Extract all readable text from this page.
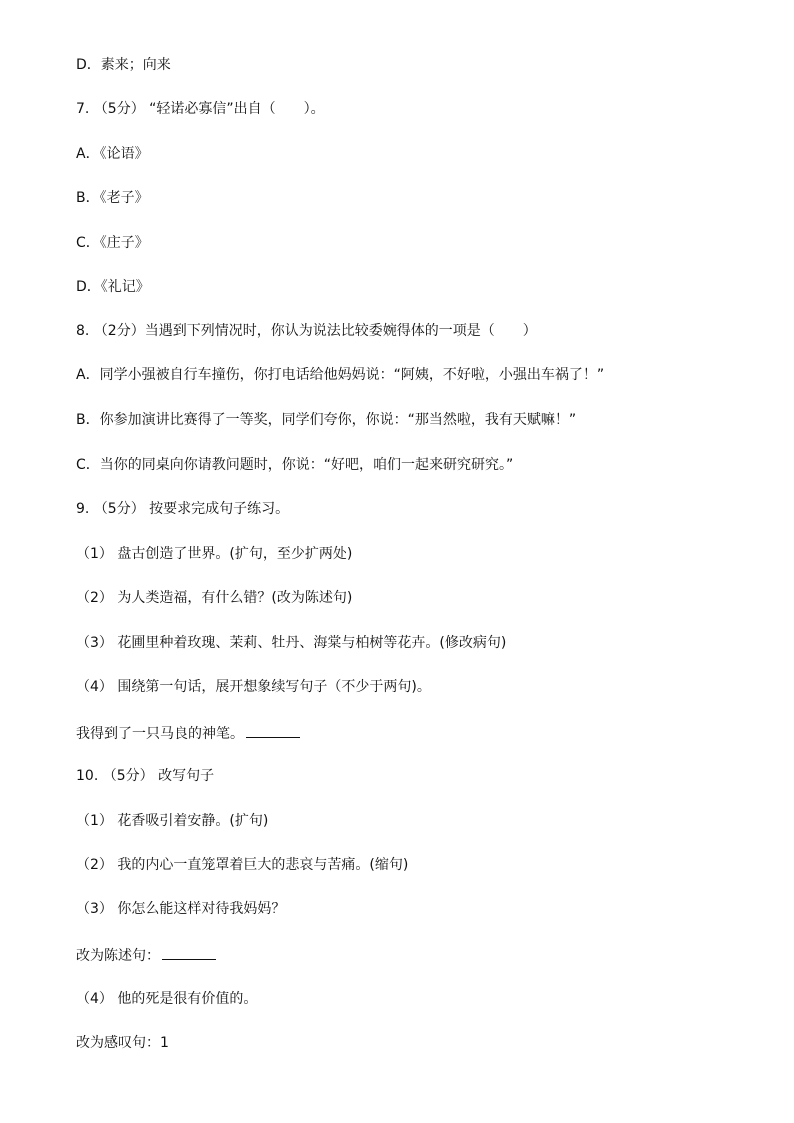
D．素来；向来
7. （5分） “轻诺必寡信”出自（　　）。
A．《论语》
B．《老子》
C．《庄子》
D．《礼记》
8. （2分）当遇到下列情况时，你认为说法比较委婉得体的一项是（　　）
A．同学小强被自行车撞伤，你打电话给他妈妈说：“阿姨，不好啦，小强出车祸了！”
B．你参加演讲比赛得了一等奖，同学们夸你，你说：“那当然啦，我有天赋嘛！”
C．当你的同桌向你请教问题时，你说：“好吧，咱们一起来研究研究。”
9. （5分） 按要求完成句子练习。
（1） 盘古创造了世界。(扩句，至少扩两处)
（2） 为人类造福，有什么错？(改为陈述句)
（3） 花圃里种着玫瑰、茉莉、牡丹、海棠与柏树等花卉。(修改病句)
（4） 围绕第一句话，展开想象续写句子（不少于两句)。
我得到了一只马良的神笔。
10. （5分） 改写句子
（1） 花香吸引着安静。(扩句)
（2） 我的内心一直笼罩着巨大的悲哀与苦痛。(缩句)
（3） 你怎么能这样对待我妈妈？
改为陈述句：
（4） 他的死是很有价值的。
改为感叹句：1
